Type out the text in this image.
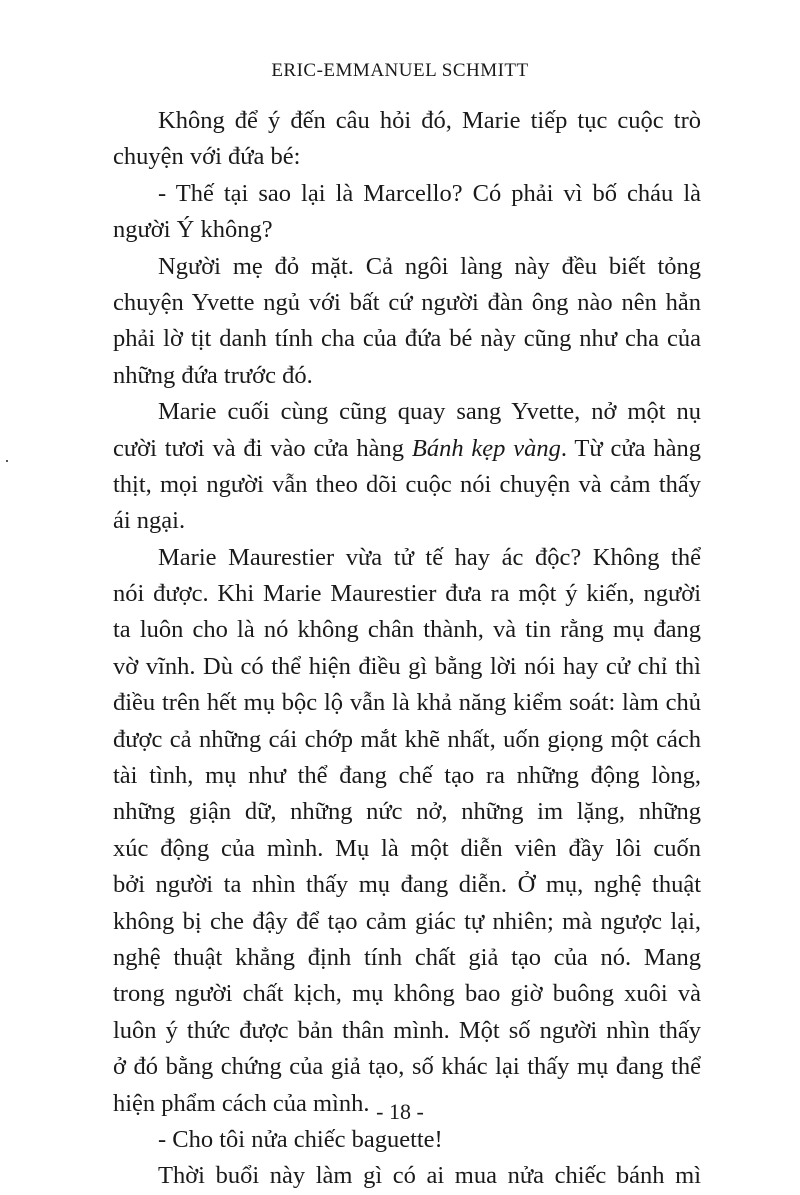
ERIC-EMMANUEL SCHMITT
Không để ý đến câu hỏi đó, Marie tiếp tục cuộc trò
chuyện với đứa bé:
- Thế tại sao lại là Marcello? Có phải vì bố cháu là
người Ý không?
Người mẹ đỏ mặt. Cả ngôi làng này đều biết tỏng
chuyện Yvette ngủ với bất cứ người đàn ông nào nên hẳn
phải lờ tịt danh tính cha của đứa bé này cũng như cha của
những đứa trước đó.
Marie cuối cùng cũng quay sang Yvette, nở một nụ
cười tươi và đi vào cửa hàng Bánh kẹp vàng. Từ cửa hàng
thịt, mọi người vẫn theo dõi cuộc nói chuyện và cảm thấy
ái ngại.
Marie Maurestier vừa tử tế hay ác độc? Không thể
nói được. Khi Marie Maurestier đưa ra một ý kiến, người
ta luôn cho là nó không chân thành, và tin rằng mụ đang
vờ vĩnh. Dù có thể hiện điều gì bằng lời nói hay cử chỉ thì
điều trên hết mụ bộc lộ vẫn là khả năng kiểm soát: làm chủ
được cả những cái chớp mắt khẽ nhất, uốn giọng một cách
tài tình, mụ như thể đang chế tạo ra những động lòng,
những giận dữ, những nức nở, những im lặng, những
xúc động của mình. Mụ là một diễn viên đầy lôi cuốn
bởi người ta nhìn thấy mụ đang diễn. Ở mụ, nghệ thuật
không bị che đậy để tạo cảm giác tự nhiên; mà ngược lại,
nghệ thuật khẳng định tính chất giả tạo của nó. Mang
trong người chất kịch, mụ không bao giờ buông xuôi và
luôn ý thức được bản thân mình. Một số người nhìn thấy
ở đó bằng chứng của giả tạo, số khác lại thấy mụ đang thể
hiện phẩm cách của mình.
- Cho tôi nửa chiếc baguette!
Thời buổi này làm gì có ai mua nửa chiếc bánh mì
- 18 -
